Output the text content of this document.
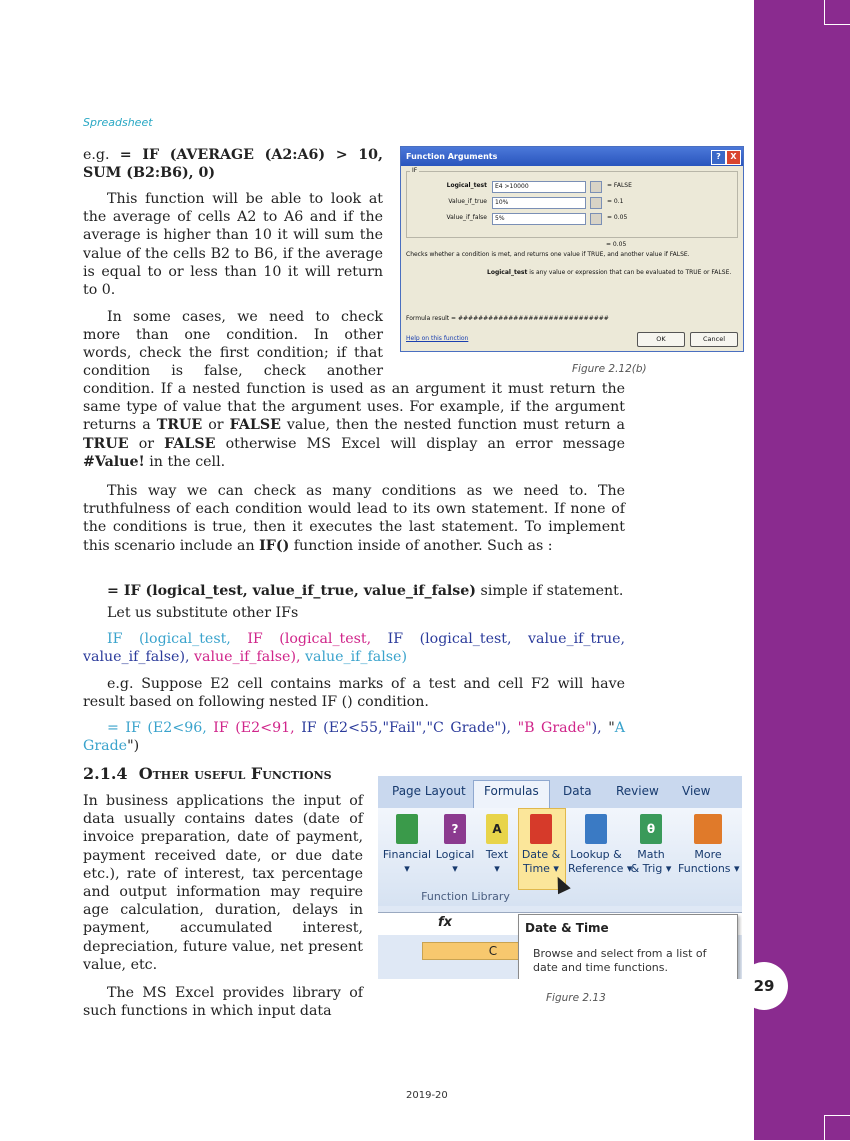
29
Spreadsheet

e.g. = IF (AVERAGE (A2:A6) > 10, SUM (B2:B6), 0)

This function will be able to look at the average of cells A2 to A6 and if the average is higher than 10 it will sum the value of the cells B2 to B6, if the average is equal to or less than 10 it will return to 0.

In some cases, we need to check

more than one condition. In other

words, check the first condition; if that

condition is false, check another

condition. If a nested function is used as an argument it must return the same type of value that the argument uses. For example, if the argument returns a TRUE or FALSE value, then the nested function must return a TRUE or FALSE otherwise MS Excel will display an error message #Value! in the cell.

This way we can check as many conditions as we need to. The truthfulness of each condition would lead to its own statement. If none of the conditions is true, then it executes the last statement. To implement this scenario include an IF() function inside of another. Such as :

= IF (logical_test, value_if_true, value_if_false) simple if statement.

Let us substitute other IFs

IF (logical_test, IF (logical_test, IF (logical_test, value_if_true, value_if_false), value_if_false), value_if_false)

e.g. Suppose E2 cell contains marks of a test and cell F2 will have result based on following nested IF () condition.

= IF (E2<96, IF (E2<91, IF (E2<55,"Fail","C Grade"), "B Grade"), "A Grade")

2.1.4 Other useful Functions

In business applications the input of data usually contains dates (date of invoice preparation, date of payment, payment received date, or due date etc.), rate of interest, tax percentage and output information may require age calculation, duration, delays in payment, accumulated interest, depreciation, future value, net present value, etc.

The MS Excel provides library of such functions in which input data

Function Arguments	?	X
IF
Logical_test	E4 >10000	= FALSE
Value_if_true	10%	= 0.1
Value_if_false	5%	= 0.05
= 0.05
Checks whether a condition is met, and returns one value if TRUE, and another value if FALSE.
Logical_test is any value or expression that can be evaluated to TRUE or FALSE.
Formula result = ##############################
Help on this function	OK	Cancel
Figure 2.12(b)
Page Layout	Formulas	Data Review View
Financial
▾
?
Logical
▾
A
Text
▾
Date &
Time ▾
Lookup &
Reference ▾
θ
Math
& Trig ▾
More
Functions ▾
Function Library
fx
C
Date & Time
Browse and select from a list of date and time functions.
Figure 2.13
2019-20
